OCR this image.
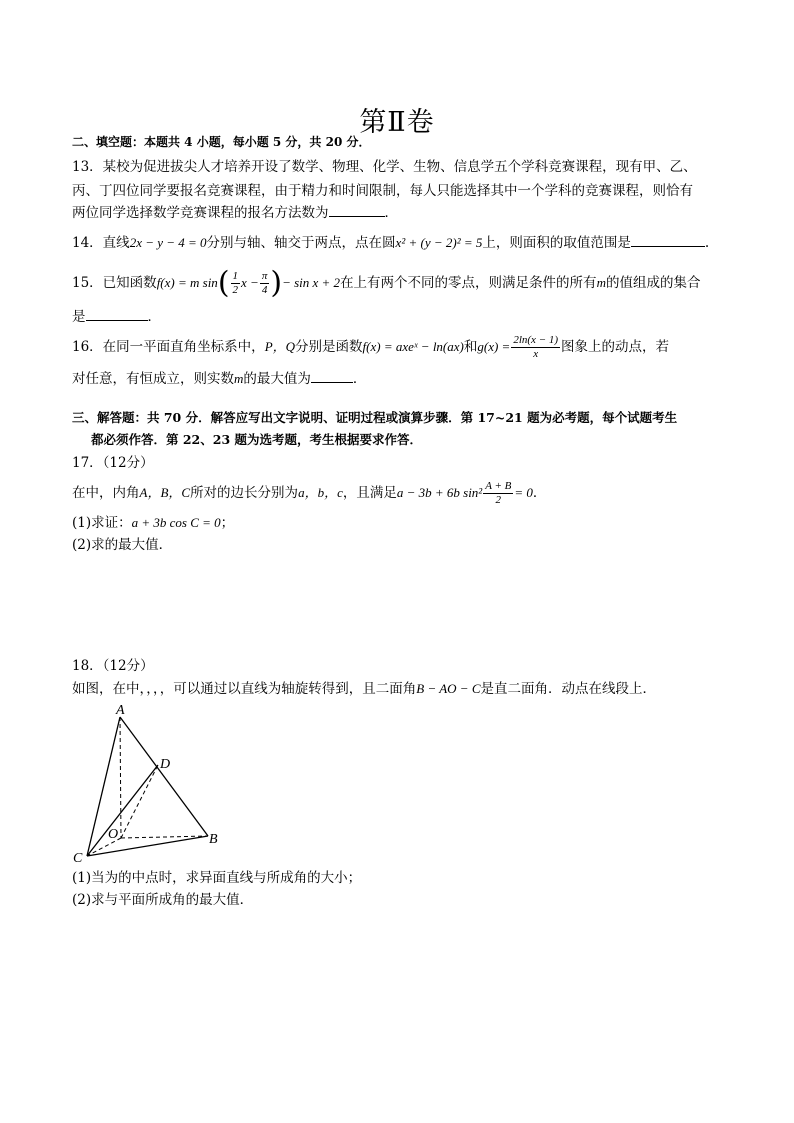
第Ⅱ卷
二、填空题：本题共 4 小题，每小题 5 分，共 20 分．
13．某校为促进拔尖人才培养开设了数学、物理、化学、生物、信息学五个学科竞赛课程，现有甲、乙、
丙、丁四位同学要报名竞赛课程，由于精力和时间限制，每人只能选择其中一个学科的竞赛课程，则恰有
两位同学选择数学竞赛课程的报名方法数为	．
14．直线2x − y − 4 = 0分别与轴、轴交于两点，点在圆x² + (y − 2)² = 5上，则面积的取值范围是	.
15．已知函数f(x) = m $\sin( \frac{1}{2}$ $x - \frac{\pi}{4}$ )− sin x + 2在上有两个不同的零点，则满足条件的所有m的值组成的集合
是	．
16．在同一平面直角坐标系中，P，Q分别是函数f(x) = axeˣ − ln(ax)和$g(x) = \frac{2\ln(x - 1)}{x}$ 图象上的动点，若
对任意，有恒成立，则实数m的最大值为	．
三、解答题：共 70 分．解答应写出文字说明、证明过程或演算步骤．第 17~21 题为必考题，每个试题考生
都必须作答．第 22、23 题为选考题，考生根据要求作答．
17．（12分）
在中，内角A，B，C所对的边长分别为a，b，c，且满足a − 3b + 6b $\sin^2 \frac{A + B}{2} = 0$．
(1)求证：a + 3b cos C = 0；
(2)求的最大值．
18．（12分）
如图，在中，，，，可以通过以直线为轴旋转得到，且二面角B − AO − C是直二面角．动点在线段上．
A
D
O	B
C
(1)当为的中点时，求异面直线与所成角的大小；
(2)求与平面所成角的最大值．
